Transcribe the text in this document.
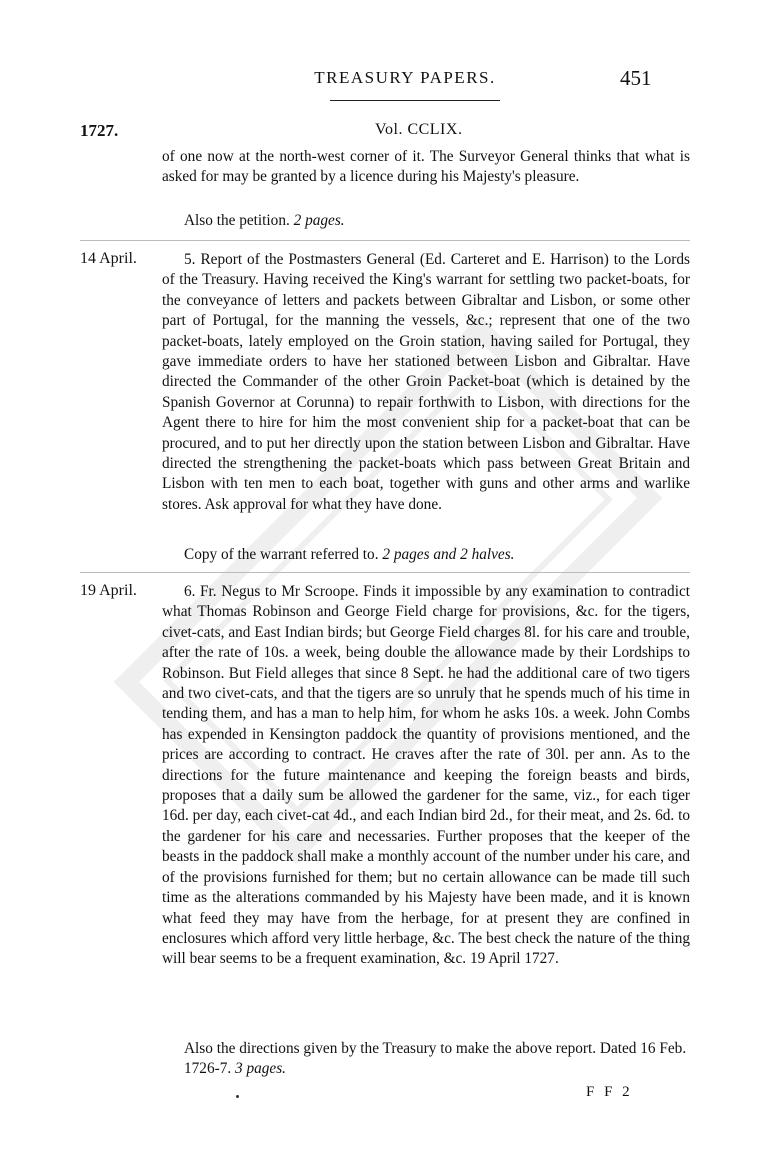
TREASURY PAPERS.	451
1727.	Vol. CCLIX.

of one now at the north-west corner of it. The Surveyor General thinks that what is asked for may be granted by a licence during his Majesty's pleasure.

Also the petition. 2 pages.
14 April.	5. Report of the Postmasters General (Ed. Carteret and E. Harrison) to the Lords of the Treasury. Having received the King's warrant for settling two packet-boats, for the conveyance of letters and packets between Gibraltar and Lisbon, or some other part of Portugal, for the manning the vessels, &c.; represent that one of the two packet-boats, lately employed on the Groin station, having sailed for Portugal, they gave immediate orders to have her stationed between Lisbon and Gibraltar. Have directed the Commander of the other Groin Packet-boat (which is detained by the Spanish Governor at Corunna) to repair forthwith to Lisbon, with directions for the Agent there to hire for him the most convenient ship for a packet-boat that can be procured, and to put her directly upon the station between Lisbon and Gibraltar. Have directed the strengthening the packet-boats which pass between Great Britain and Lisbon with ten men to each boat, together with guns and other arms and warlike stores. Ask approval for what they have done.

Copy of the warrant referred to. 2 pages and 2 halves.
19 April.	6. Fr. Negus to Mr Scroope. Finds it impossible by any examination to contradict what Thomas Robinson and George Field charge for provisions, &c. for the tigers, civet-cats, and East Indian birds; but George Field charges 8l. for his care and trouble, after the rate of 10s. a week, being double the allowance made by their Lordships to Robinson. But Field alleges that since 8 Sept. he had the additional care of two tigers and two civet-cats, and that the tigers are so unruly that he spends much of his time in tending them, and has a man to help him, for whom he asks 10s. a week. John Combs has expended in Kensington paddock the quantity of provisions mentioned, and the prices are according to contract. He craves after the rate of 30l. per ann. As to the directions for the future maintenance and keeping the foreign beasts and birds, proposes that a daily sum be allowed the gardener for the same, viz., for each tiger 16d. per day, each civet-cat 4d., and each Indian bird 2d., for their meat, and 2s. 6d. to the gardener for his care and necessaries. Further proposes that the keeper of the beasts in the paddock shall make a monthly account of the number under his care, and of the provisions furnished for them; but no certain allowance can be made till such time as the alterations commanded by his Majesty have been made, and it is known what feed they may have from the herbage, for at present they are confined in enclosures which afford very little herbage, &c. The best check the nature of the thing will bear seems to be a frequent examination, &c. 19 April 1727.

Also the directions given by the Treasury to make the above report. Dated 16 Feb. 1726-7. 3 pages.
F F 2
